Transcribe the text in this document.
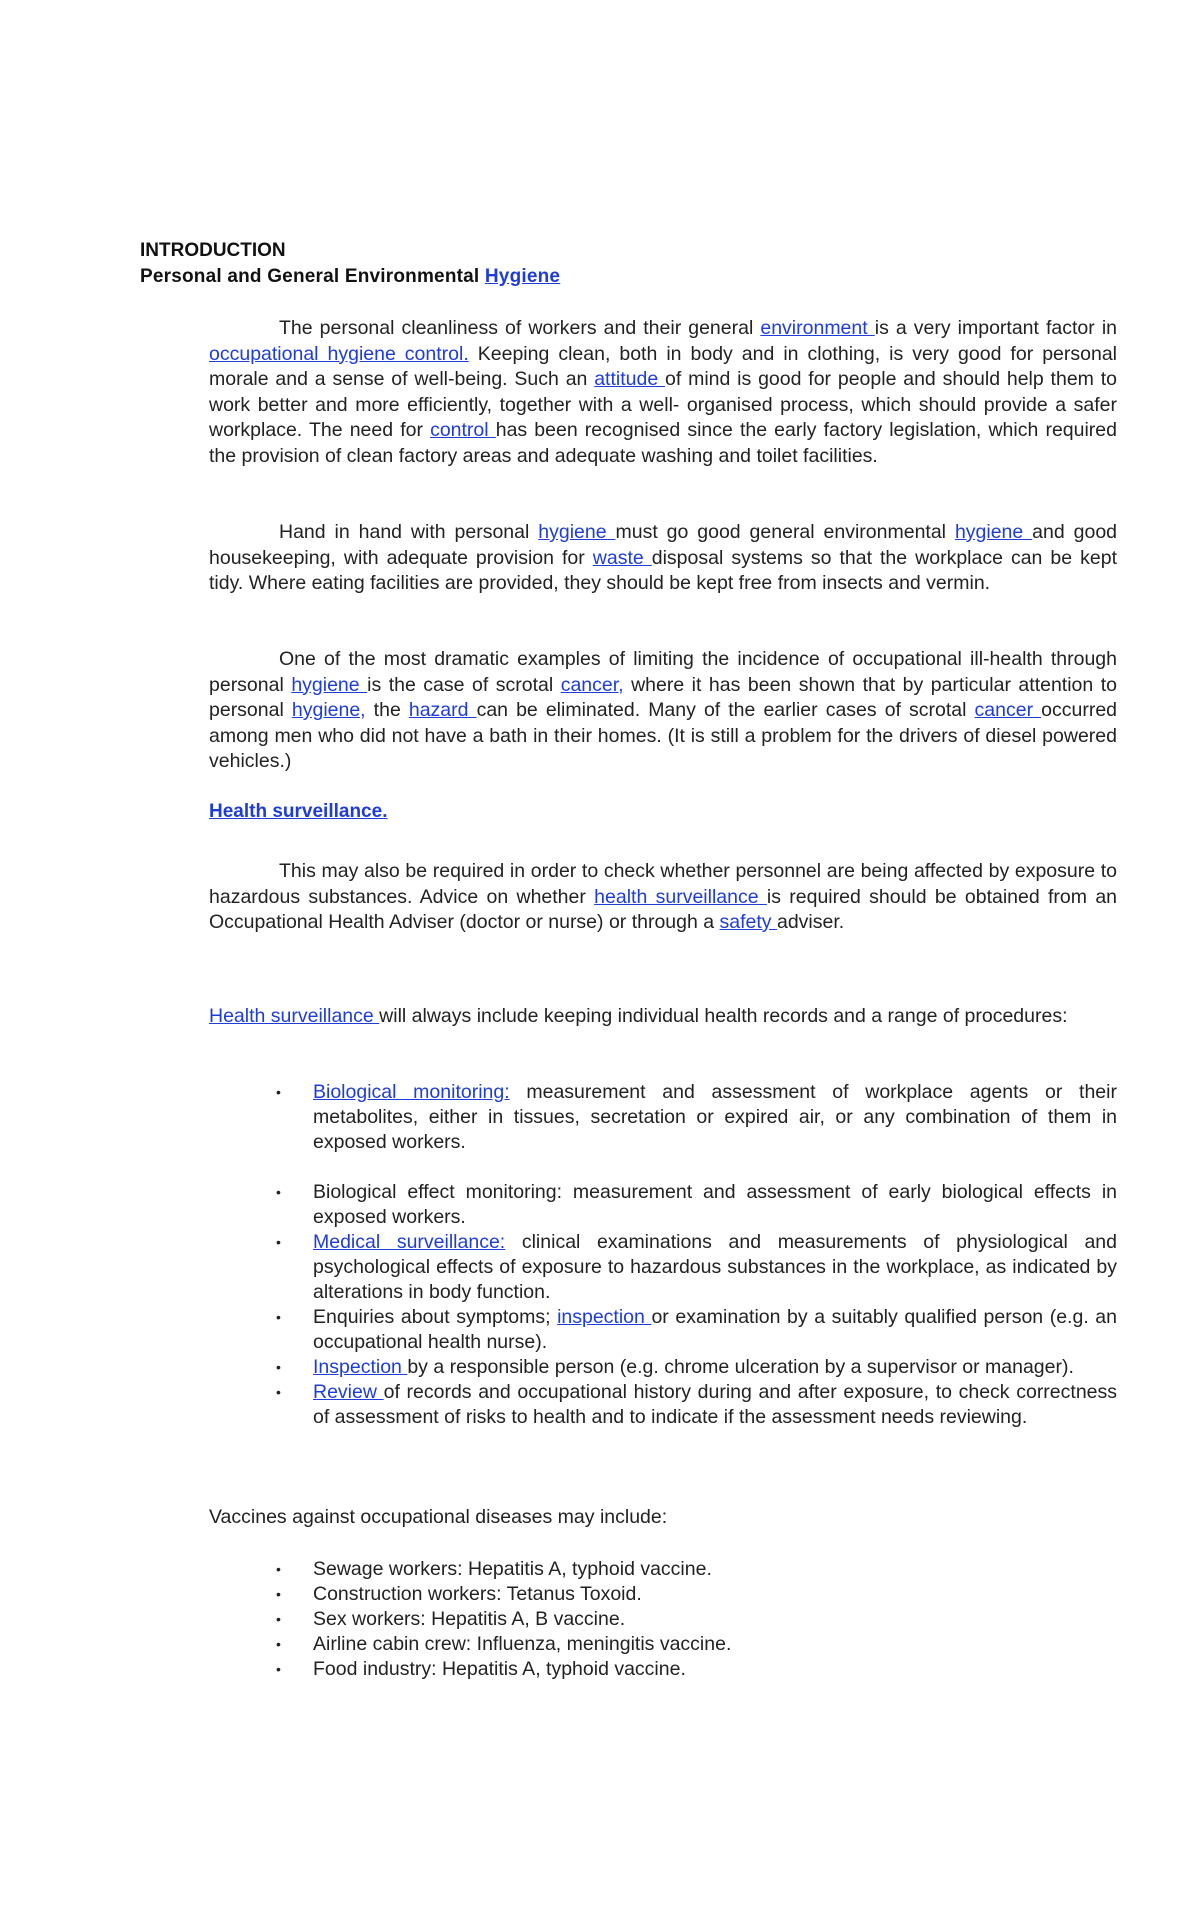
INTRODUCTION
Personal and General Environmental Hygiene
The personal cleanliness of workers and their general environment is a very important factor in occupational hygiene control. Keeping clean, both in body and in clothing, is very good for personal morale and a sense of well-being. Such an attitude of mind is good for people and should help them to work better and more efficiently, together with a well- organised process, which should provide a safer workplace. The need for control has been recognised since the early factory legislation, which required the provision of clean factory areas and adequate washing and toilet facilities.
Hand in hand with personal hygiene must go good general environmental hygiene and good housekeeping, with adequate provision for waste disposal systems so that the workplace can be kept tidy. Where eating facilities are provided, they should be kept free from insects and vermin.
One of the most dramatic examples of limiting the incidence of occupational ill-health through personal hygiene is the case of scrotal cancer, where it has been shown that by particular attention to personal hygiene, the hazard can be eliminated. Many of the earlier cases of scrotal cancer occurred among men who did not have a bath in their homes. (It is still a problem for the drivers of diesel powered vehicles.)
Health surveillance.
This may also be required in order to check whether personnel are being affected by exposure to hazardous substances. Advice on whether health surveillance is required should be obtained from an Occupational Health Adviser (doctor or nurse) or through a safety adviser.
Health surveillance will always include keeping individual health records and a range of procedures:
• Biological monitoring: measurement and assessment of workplace agents or their metabolites, either in tissues, secretation or expired air, or any combination of them in exposed workers.
• Biological effect monitoring: measurement and assessment of early biological effects in exposed workers.
• Medical surveillance: clinical examinations and measurements of physiological and psychological effects of exposure to hazardous substances in the workplace, as indicated by alterations in body function.
• Enquiries about symptoms; inspection or examination by a suitably qualified person (e.g. an occupational health nurse).
• Inspection by a responsible person (e.g. chrome ulceration by a supervisor or manager).
• Review of records and occupational history during and after exposure, to check correctness of assessment of risks to health and to indicate if the assessment needs reviewing.
Vaccines against occupational diseases may include:
• Sewage workers: Hepatitis A, typhoid vaccine.
• Construction workers: Tetanus Toxoid.
• Sex workers: Hepatitis A, B vaccine.
• Airline cabin crew: Influenza, meningitis vaccine.
• Food industry: Hepatitis A, typhoid vaccine.
